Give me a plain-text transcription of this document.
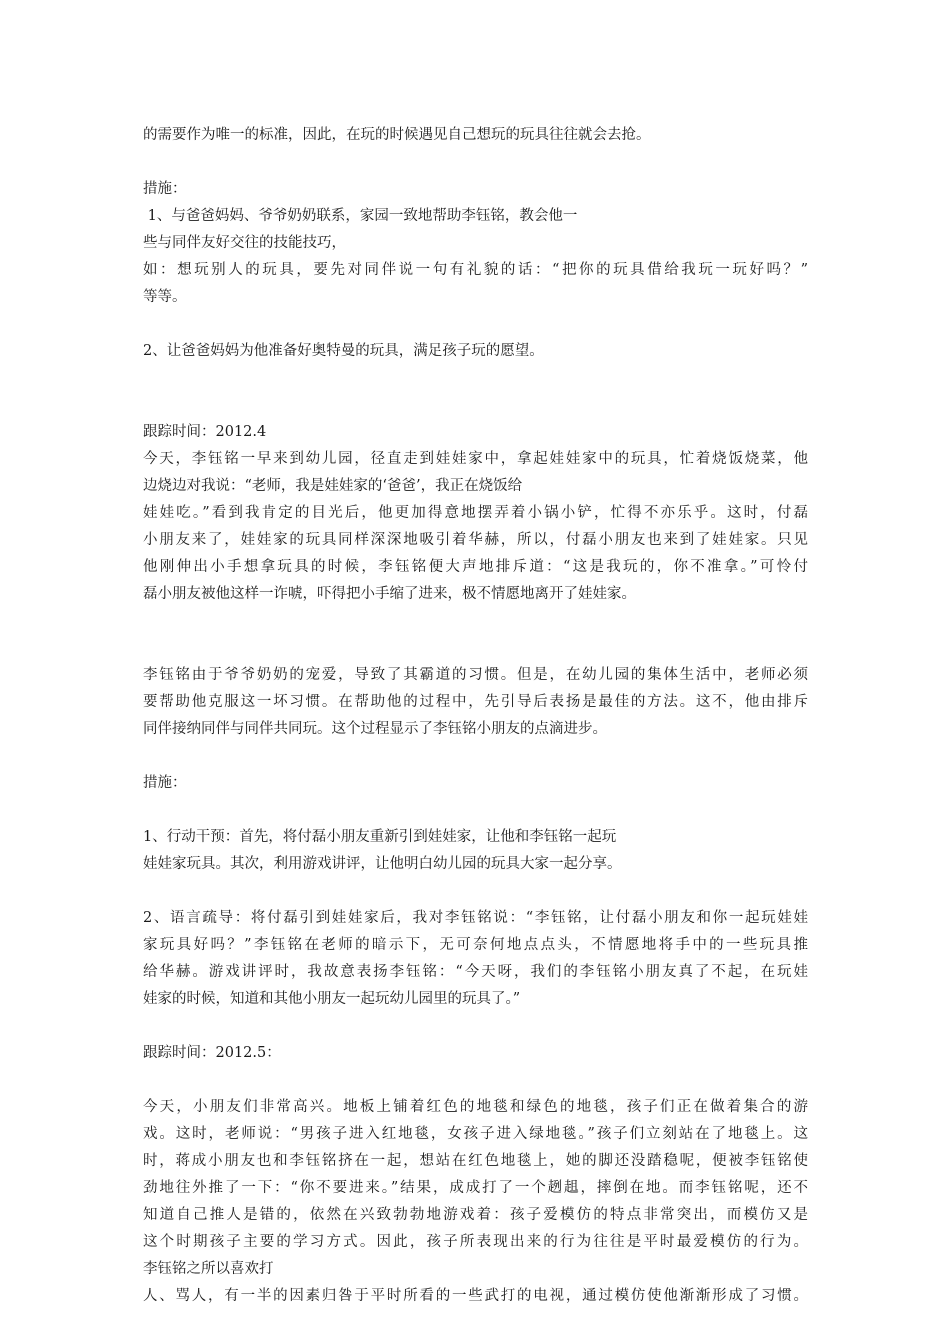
的需要作为唯一的标准，因此，在玩的时候遇见自己想玩的玩具往往就会去抢。
措施：
1、与爸爸妈妈、爷爷奶奶联系，家园一致地帮助李钰铭，教会他一
些与同伴友好交往的技能技巧，
如：想玩别人的玩具，要先对同伴说一句有礼貌的话：“把你的玩具借给我玩一玩好吗？”
等等。
2、让爸爸妈妈为他准备好奥特曼的玩具，满足孩子玩的愿望。
跟踪时间：2012.4
今天，李钰铭一早来到幼儿园，径直走到娃娃家中，拿起娃娃家中的玩具，忙着烧饭烧菜，他
边烧边对我说：“老师，我是娃娃家的‘爸爸’，我正在烧饭给
娃娃吃。”看到我肯定的目光后，他更加得意地摆弄着小锅小铲，忙得不亦乐乎。这时，付磊
小朋友来了，娃娃家的玩具同样深深地吸引着华赫，所以，付磊小朋友也来到了娃娃家。只见
他刚伸出小手想拿玩具的时候，李钰铭便大声地排斥道：“这是我玩的，你不准拿。”可怜付
磊小朋友被他这样一诈唬，吓得把小手缩了进来，极不情愿地离开了娃娃家。
李钰铭由于爷爷奶奶的宠爱，导致了其霸道的习惯。但是，在幼儿园的集体生活中，老师必须
要帮助他克服这一坏习惯。在帮助他的过程中，先引导后表扬是最佳的方法。这不，他由排斥
同伴接纳同伴与同伴共同玩。这个过程显示了李钰铭小朋友的点滴进步。
措施：
1、行动干预：首先，将付磊小朋友重新引到娃娃家，让他和李钰铭一起玩
娃娃家玩具。其次，利用游戏讲评，让他明白幼儿园的玩具大家一起分享。
2、语言疏导：将付磊引到娃娃家后，我对李钰铭说：“李钰铭，让付磊小朋友和你一起玩娃娃
家玩具好吗？”李钰铭在老师的暗示下，无可奈何地点点头，不情愿地将手中的一些玩具推
给华赫。游戏讲评时，我故意表扬李钰铭：“今天呀，我们的李钰铭小朋友真了不起，在玩娃
娃家的时候，知道和其他小朋友一起玩幼儿园里的玩具了。”
跟踪时间：2012.5：
今天，小朋友们非常高兴。地板上铺着红色的地毯和绿色的地毯，孩子们正在做着集合的游
戏。这时，老师说：“男孩子进入红地毯，女孩子进入绿地毯。”孩子们立刻站在了地毯上。这
时，蒋成小朋友也和李钰铭挤在一起，想站在红色地毯上，她的脚还没踏稳呢，便被李钰铭使
劲地往外推了一下：“你不要进来。”结果，成成打了一个趔趄，摔倒在地。而李钰铭呢，还不
知道自己推人是错的，依然在兴致勃勃地游戏着：孩子爱模仿的特点非常突出，而模仿又是
这个时期孩子主要的学习方式。因此，孩子所表现出来的行为往往是平时最爱模仿的行为。
李钰铭之所以喜欢打
人、骂人，有一半的因素归咎于平时所看的一些武打的电视，通过模仿使他渐渐形成了习惯。
